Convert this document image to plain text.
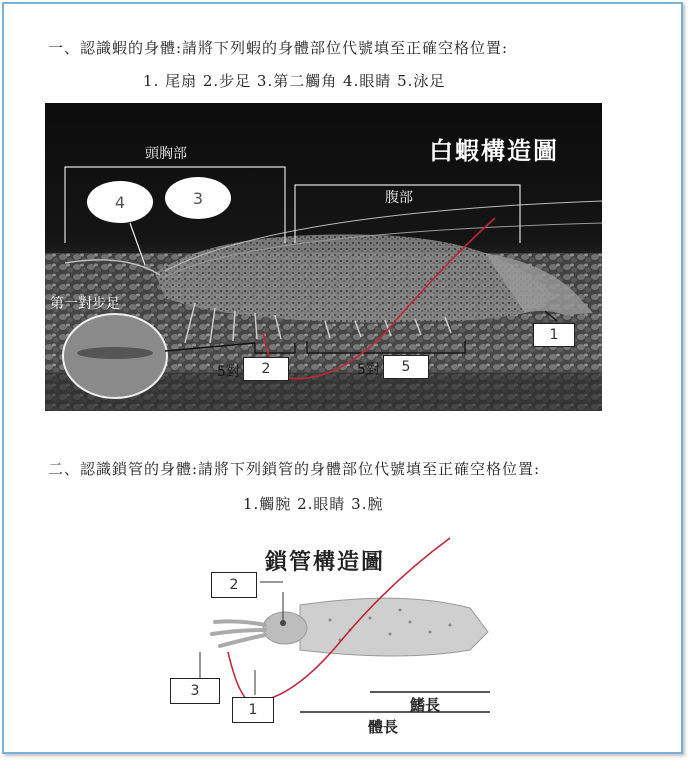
一、認識蝦的身體:請將下列蝦的身體部位代號填至正確空格位置:
1. 尾扇 2.步足 3.第二觸角 4.眼睛 5.泳足
白蝦構造圖
頭胸部
腹部
第一對步足
4	3
5對	2	5對	5
1
二、認識鎖管的身體:請將下列鎖管的身體部位代號填至正確空格位置:
1.觸腕 2.眼睛 3.腕
鎖管構造圖
2
3
1	鰭長
體長
